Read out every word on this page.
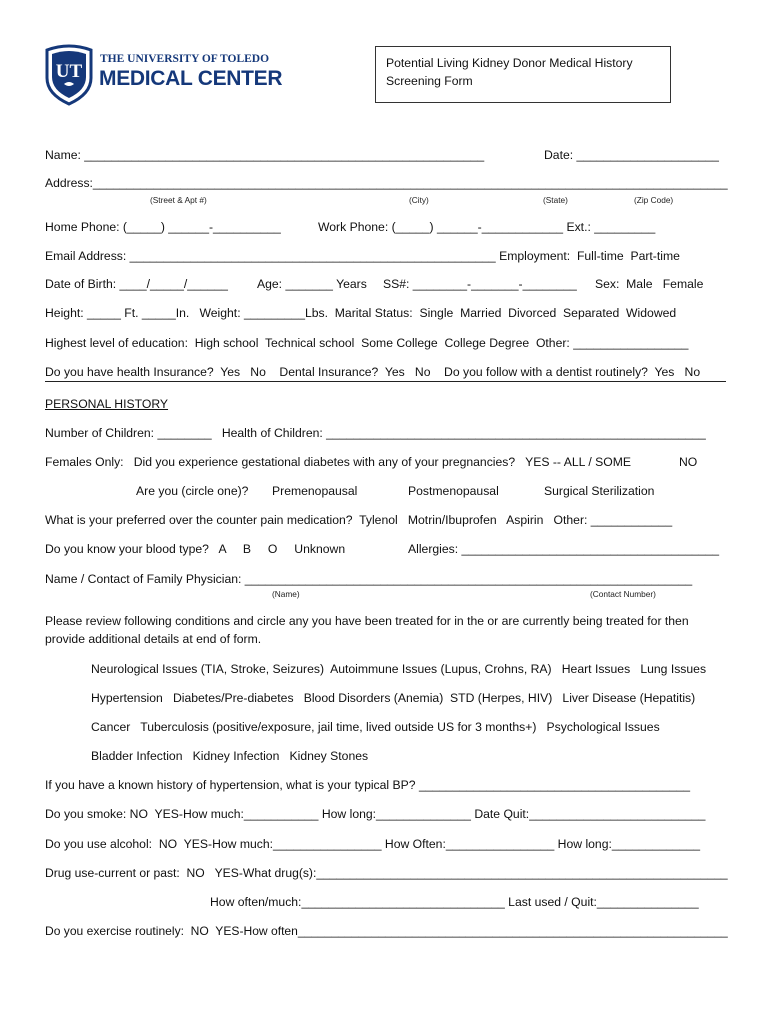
UT
THE UNIVERSITY OF TOLEDO
MEDICAL CENTER
Potential Living Kidney Donor Medical History
Screening Form
Name: ___________________________________________________________	Date: _____________________
Address:______________________________________________________________________________________________
(Street & Apt #)	(City)	(State)	(Zip Code)
Home Phone: (_____) ______-__________	Work Phone: (_____) ______-____________ Ext.: _________
Email Address: ______________________________________________________ Employment:  Full-time  Part-time
Date of Birth: ____/_____/______ Age: _______ Years SS#: ________-_______-________ Sex:  Male   Female
Height: _____ Ft. _____In.   Weight: _________Lbs.  Marital Status:  Single  Married  Divorced  Separated  Widowed
Highest level of education:  High school  Technical school  Some College  College Degree  Other: _________________
Do you have health Insurance?  Yes   No    Dental Insurance?  Yes   No    Do you follow with a dentist routinely?  Yes   No
PERSONAL HISTORY
Number of Children: ________   Health of Children: ________________________________________________________
Females Only:   Did you experience gestational diabetes with any of your pregnancies?   YES -- ALL / SOME	NO
Are you (circle one)? Premenopausal	Postmenopausal	Surgical Sterilization
What is your preferred over the counter pain medication?  Tylenol   Motrin/Ibuprofen   Aspirin   Other: ____________
Do you know your blood type?   A     B     O     Unknown	Allergies: ______________________________________
Name / Contact of Family Physician: __________________________________________________________________
(Name)	(Contact Number)
Please review following conditions and circle any you have been treated for in the or are currently being treated for then
provide additional details at end of form.
Neurological Issues (TIA, Stroke, Seizures)  Autoimmune Issues (Lupus, Crohns, RA)   Heart Issues   Lung Issues
Hypertension   Diabetes/Pre-diabetes   Blood Disorders (Anemia)  STD (Herpes, HIV)   Liver Disease (Hepatitis)
Cancer   Tuberculosis (positive/exposure, jail time, lived outside US for 3 months+)   Psychological Issues
Bladder Infection   Kidney Infection   Kidney Stones
If you have a known history of hypertension, what is your typical BP? ________________________________________
Do you smoke: NO  YES-How much:___________ How long:______________ Date Quit:__________________________
Do you use alcohol:  NO  YES-How much:________________ How Often:________________ How long:_____________
Drug use-current or past:  NO   YES-What drug(s):_____________________________________________________________
How often/much:______________________________ Last used / Quit:_______________
Do you exercise routinely:  NO  YES-How often________________________________________________________________
